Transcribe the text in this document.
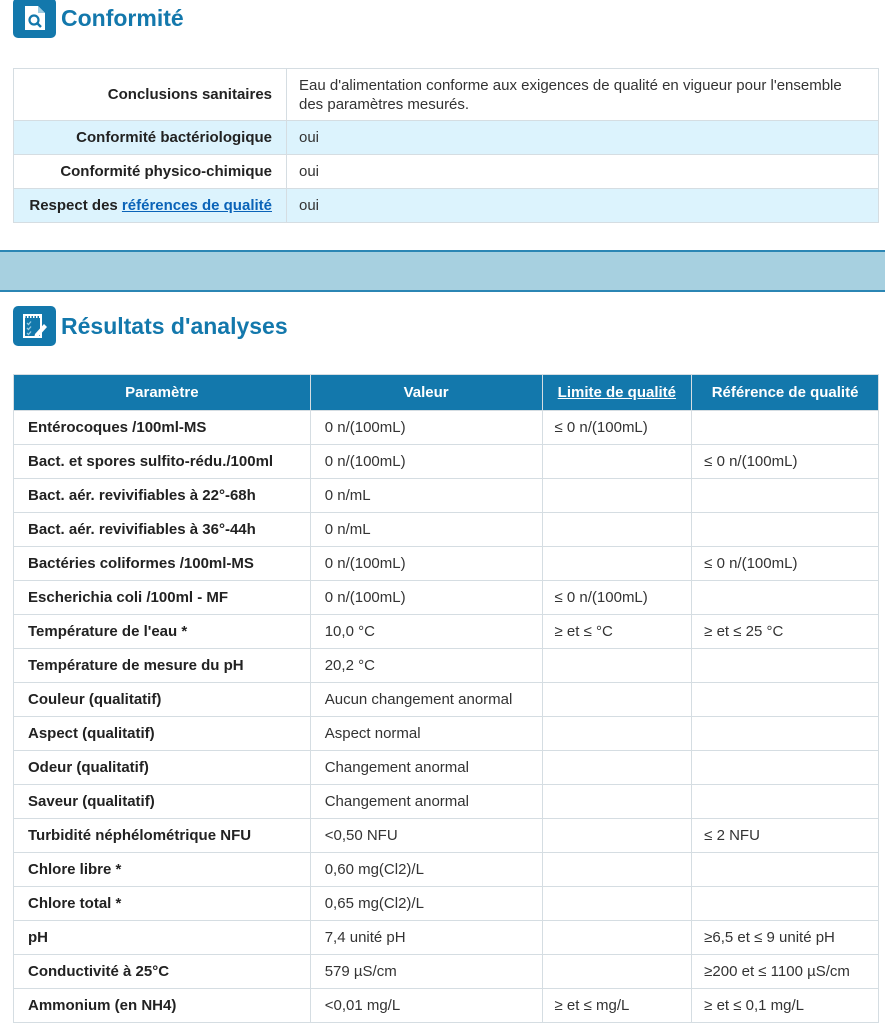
Conformité
Conclusions sanitaires	Eau d'alimentation conforme aux exigences de qualité en vigueur pour l'ensemble des paramètres mesurés.
Conformité bactériologique	oui
Conformité physico-chimique	oui
Respect des références de qualité	oui
Résultats d'analyses
Paramètre	Valeur	Limite de qualité	Référence de qualité
Entérocoques /100ml-MS	0 n/(100mL)	≤ 0 n/(100mL)	
Bact. et spores sulfito-rédu./100ml	0 n/(100mL)		≤ 0 n/(100mL)
Bact. aér. revivifiables à 22°-68h	0 n/mL		
Bact. aér. revivifiables à 36°-44h	0 n/mL		
Bactéries coliformes /100ml-MS	0 n/(100mL)		≤ 0 n/(100mL)
Escherichia coli /100ml - MF	0 n/(100mL)	≤ 0 n/(100mL)	
Température de l'eau *	10,0 °C	≥ et ≤ °C	≥ et ≤ 25 °C
Température de mesure du pH	20,2 °C		
Couleur (qualitatif)	Aucun changement anormal		
Aspect (qualitatif)	Aspect normal		
Odeur (qualitatif)	Changement anormal		
Saveur (qualitatif)	Changement anormal		
Turbidité néphélométrique NFU	<0,50 NFU		≤ 2 NFU
Chlore libre *	0,60 mg(Cl2)/L		
Chlore total *	0,65 mg(Cl2)/L		
pH	7,4 unité pH		≥6,5 et ≤ 9 unité pH
Conductivité à 25°C	579 µS/cm		≥200 et ≤ 1100 µS/cm
Ammonium (en NH4)	<0,01 mg/L	≥ et ≤ mg/L	≥ et ≤ 0,1 mg/L
